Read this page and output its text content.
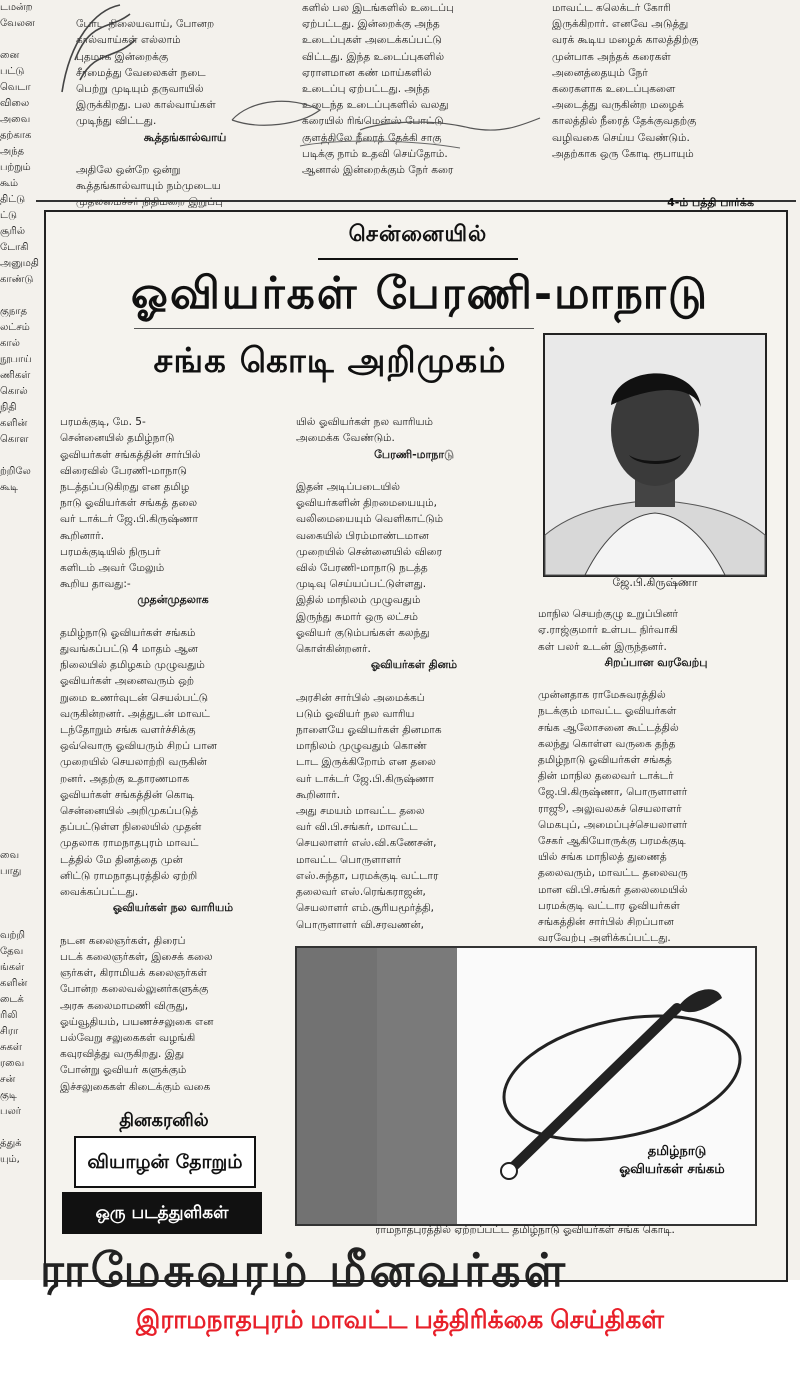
டமன்ற
வேலன

னை
பட்டு
வெடா
விலை
அவை
தற்காக
அந்த
பற்றும்
கூம்
திட்டு
ட்டு
சூரில்
டோகி
அனுமதி
காண்டு

குநாத
லட்சம்
கால்
நூபாய்
ணிகள்
கொல்
நிதி
களின்
கொள

ற்றிலே
கூடி

வை
பாது

வற்றி
தேவ
ங்கள்
களின்
டைக்
ரிலி
சிரா
சுகள்
ரவை
சன்
குடி
பலர்

த்துக்
யும்,

போட நிலையவாய், போனற
கால்வாய்கள் எல்லாம்
புதமாக இன்றைக்கு
சீரமைத்து வேலைகள் நடை
பெற்று முடியும் தருவாயில்
இருக்கிறது. பல கால்வாய்கள்
முடிந்து விட்டது.

கூத்தங்கால்வாய்

அதிலே ஒன்றே ஒன்று
கூத்தங்கால்வாயும் நம்முடைய
முதலமைச்சர் நிதிமறை இறுப்பு

களில் பல இடங்களில் உடைப்பு
ஏற்பட்டது. இன்றைக்கு அந்த
உடைப்புகள் அடைக்கப்பட்டு
விட்டது. இந்த உடைப்புகளில்
ஏராளமான கண் மாய்களில்
உடைப்பு ஏற்பட்டது. அந்த
உடைந்த உடைப்புகளில் வலது
கரையில் ரிங்மென்ஸ் போட்டு
குளத்திலே நீரைத் தேக்கி சாகு
படிக்கு நாம் உதவி செய்தோம்.
ஆனால் இன்றைக்கும் நேர் கரை
மாவட்ட கலெக்டர் கோரி
இருக்கிறார். எனவே அடுத்து
வரக் கூடிய மழைக் காலத்திற்கு
முன்பாக அந்தக் கரைகள்
அனைத்தையும் நேர்
கரைகளாக உடைப்புகளை
அடைத்து வருகின்ற மழைக்
காலத்தில் நீரைத் தேக்குவதற்கு
வழிவகை செய்ய வேண்டும்.
அதற்காக ஒரு கோடி ரூபாயும்
4-ம் பத்தி பார்க்க
சென்னையில்
ஓவியர்கள் பேரணி-மாநாடு
சங்க கொடி அறிமுகம்

பரமக்குடி, மே. 5-
சென்னையில் தமிழ்நாடு
ஓவியர்கள் சங்கத்தின் சார்பில்
விரைவில் பேரணி-மாநாடு
நடத்தப்படுகிறது என தமிழ
நாடு ஓவியர்கள் சங்கத் தலை
வர் டாக்டர் ஜே.பி.கிருஷ்ணா
கூறினார்.
பரமக்குடியில் நிருபர்
களிடம் அவர் மேலும்
கூறிய தாவது:-

முதன்முதலாக

தமிழ்நாடு ஓவியர்கள் சங்கம்
துவங்கப்பட்டு 4 மாதம் ஆன
நிலையில் தமிழகம் முழுவதும்
ஓவியர்கள் அனைவரும் ஒற்
றுமை உணர்வுடன் செயல்பட்டு
வருகின்றனர். அத்துடன் மாவட்
டந்தோறும் சங்க வளர்ச்சிக்கு
ஒவ்வொரு ஓவியரும் சிறப் பான
முறையில் செயலாற்றி வருகின்
றனர். அதற்கு உதாரணமாக
ஓவியர்கள் சங்கத்தின் கொடி
சென்னையில் அறிமுகப்படுத்
தப்பட்டுள்ள நிலையில் முதன்
முதலாக ராமநாதபுரம் மாவட்
டத்தில் மே தினத்தை முன்
னிட்டு ராமநாதபுரத்தில் ஏற்றி
வைக்கப்பட்டது.

ஓவியர்கள் நல வாரியம்

நடன கலைஞர்கள், திரைப்
படக் கலைஞர்கள், இசைக் கலை
ஞர்கள், கிராமியக் கலைஞர்கள்
போன்ற கலைவல்லுனர்களுக்கு
அரசு கலைமாமணி விருது,
ஓய்வூதியம், பயணச்சலுகை என
பல்வேறு சலுகைகள் வழங்கி
கவுரவித்து வருகிறது. இது
போன்று ஓவியர் களுக்கும்
இச்சலுகைகள் கிடைக்கும் வகை

யில் ஓவியர்கள் நல வாரியம்
அமைக்க வேண்டும்.

பேரணி-மாநாடு

இதன் அடிப்படையில்
ஓவியர்களின் திறமையையும்,
வலிமையையும் வெளிகாட்டும்
வகையில் பிரம்மாண்டமான
முறையில் சென்னையில் விரை
வில் பேரணி-மாநாடு நடத்த
முடிவு செய்யப்பட்டுள்ளது.
இதில் மாநிலம் முழுவதும்
இருந்து சுமார் ஒரு லட்சம்
ஓவியர் குடும்பங்கள் கலந்து
கொள்கின்றனர்.

ஓவியர்கள் தினம்

அரசின் சார்பில் அமைக்கப்
படும் ஓவியர் நல வாரிய
நாளையே ஓவியர்கள் தினமாக
மாநிலம் முழுவதும் கொண்
டாட இருக்கிறோம் என தலை
வர் டாக்டர் ஜே.பி.கிருஷ்ணா
கூறினார்.
அது சமயம் மாவட்ட தலை
வர் வி.பி.சங்கர், மாவட்ட
செயலாளர் எஸ்.வி.கணேசன்,
மாவட்ட பொருளாளர்
எஸ்.சுந்தா, பரமக்குடி வட்டார
தலைவர் எஸ்.ரெங்கராஜன்,
செயலாளர் எம்.சூரியமூர்த்தி,
பொருளாளர் வி.சரவணன்,

ஜே.பி.கிருஷ்ணா

மாநில செயற்குழு உறுப்பினர்
ஏ.ராஜ்குமார் உள்பட நிர்வாகி
கள் பலர் உடன் இருந்தனர்.

சிறப்பான வரவேற்பு

முன்னதாக ராமேசுவரத்தில்
நடக்கும் மாவட்ட ஓவியர்கள்
சங்க ஆலோசனை கூட்டத்தில்
கலந்து கொள்ள வருகை தந்த
தமிழ்நாடு ஓவியர்கள் சங்கத்
தின் மாநில தலைவர் டாக்டர்
ஜே.பி.கிருஷ்ணா, பொருளாளர்
ராஜூ, அலுவலகச் செயலாளர்
மெகபுப், அமைப்புச்செயலாளர்
சேகர் ஆகியோருக்கு பரமக்குடி
யில் சங்க மாநிலத் துணைத்
தலைவரும், மாவட்ட தலைவரு
மான வி.பி.சங்கர் தலைமையில்
பரமக்குடி வட்டார ஓவியர்கள்
சங்கத்தின் சார்பில் சிறப்பான
வரவேற்பு அளிக்கப்பட்டது.

தமிழ்நாடு
ஓவியர்கள் சங்கம்
ராமநாதபுரத்தில் ஏற்றப்பட்ட தமிழ்நாடு ஓவியர்கள் சங்க கொடி.
தினகரனில்
வியாழன் தோறும்
ஒரு படத்துளிகள்
ராமேசுவரம் மீனவர்கள்
இராமநாதபுரம் மாவட்ட பத்திரிக்கை செய்திகள்
